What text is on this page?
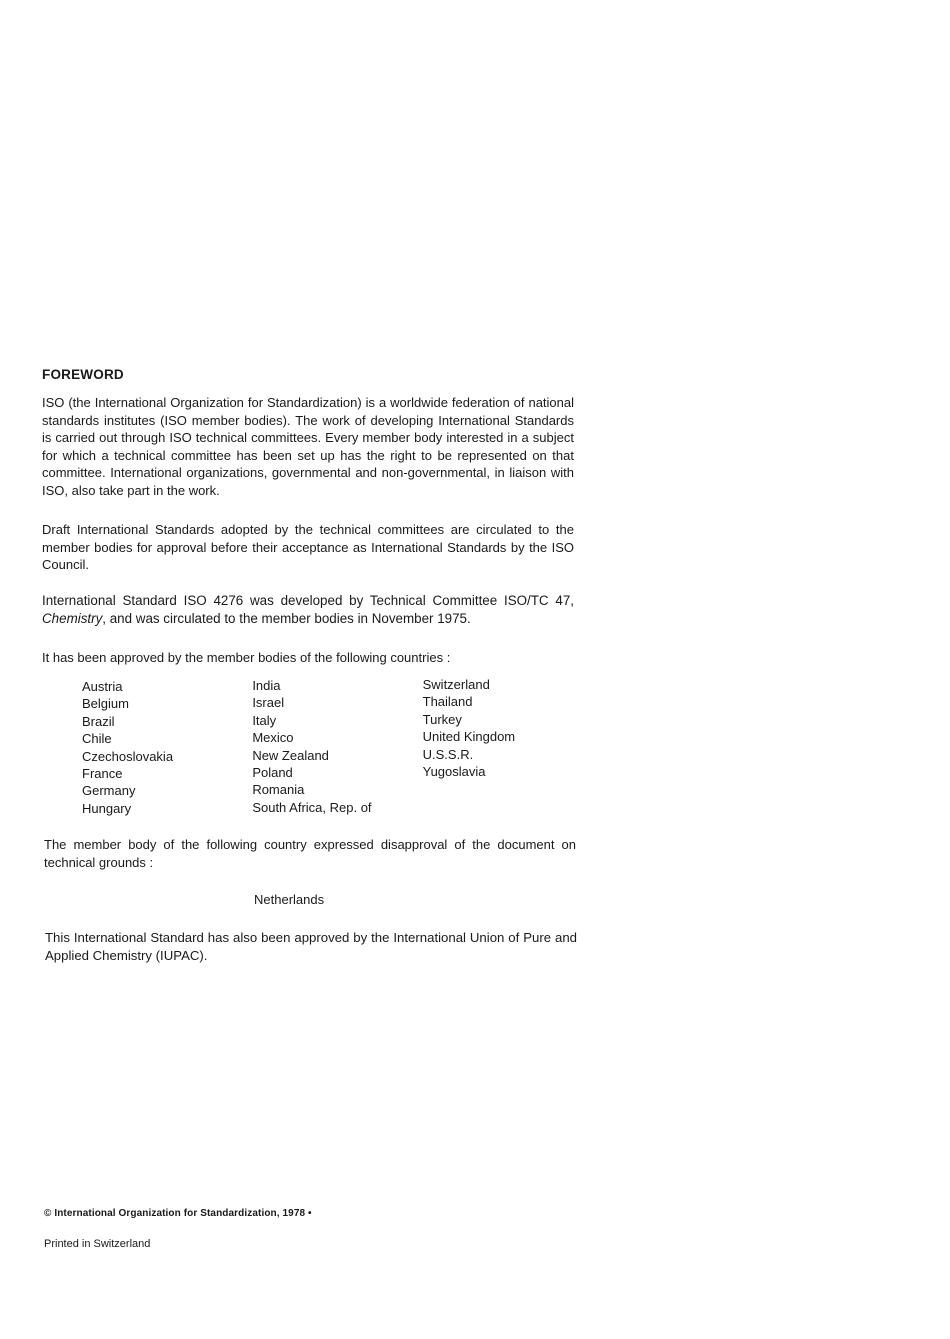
FOREWORD

ISO (the International Organization for Standardization) is a worldwide federation of national standards institutes (ISO member bodies). The work of developing International Standards is carried out through ISO technical committees. Every member body interested in a subject for which a technical committee has been set up has the right to be represented on that committee. International organizations, governmental and non-governmental, in liaison with ISO, also take part in the work.

Draft International Standards adopted by the technical committees are circulated to the member bodies for approval before their acceptance as International Standards by the ISO Council.

International Standard ISO 4276 was developed by Technical Committee ISO/TC 47, Chemistry, and was circulated to the member bodies in November 1975.

It has been approved by the member bodies of the following countries :

Austria
Belgium
Brazil
Chile
Czechoslovakia
France
Germany
Hungary
India
Israel
Italy
Mexico
New Zealand
Poland
Romania
South Africa, Rep. of
Switzerland
Thailand
Turkey
United Kingdom
U.S.S.R.
Yugoslavia

The member body of the following country expressed disapproval of the document on technical grounds :

Netherlands

This International Standard has also been approved by the International Union of Pure and Applied Chemistry (IUPAC).

© International Organization for Standardization, 1978 •
Printed in Switzerland
